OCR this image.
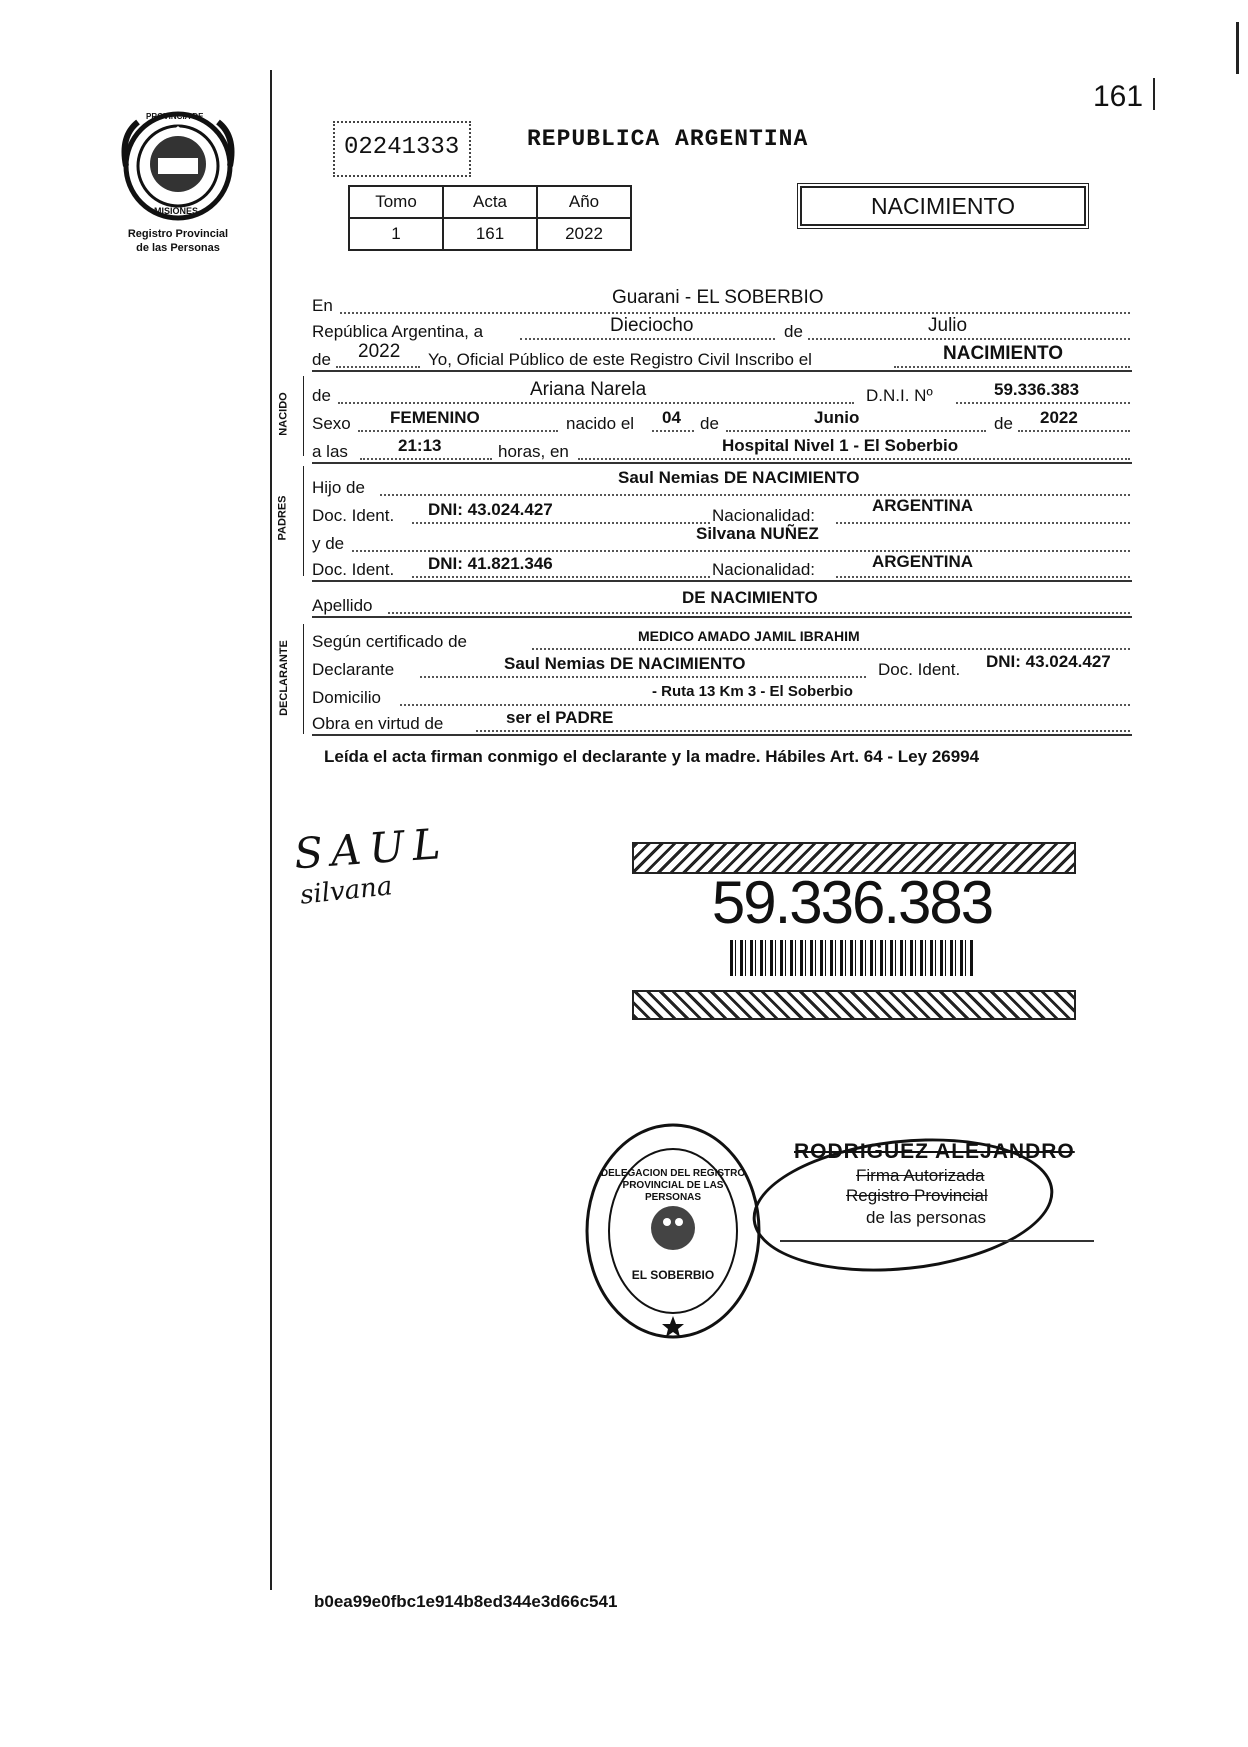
161
PROVINCIA DE
MISIONES
Registro Provincial
de las Personas
02241333	REPUBLICA ARGENTINA
Tomo	Acta	Año
1	161	2022
NACIMIENTO
En	Guarani - EL SOBERBIO
República Argentina, a	Dieciocho	de	Julio
de 2022 Yo, Oficial Público de este Registro Civil Inscribo el	NACIMIENTO
NACIDO de	Ariana Narela	D.N.I. Nº	59.336.383
Sexo FEMENINO	nacido el 04 de	Junio	de 2022
a las	21:13	horas, en	Hospital Nivel 1 - El Soberbio
PADRES
Hijo de
Saul Nemias DE NACIMIENTO
Doc. Ident. DNI: 43.024.427	Nacionalidad:
ARGENTINA
y de
Silvana NUÑEZ
Doc. Ident. DNI: 41.821.346	Nacionalidad:	ARGENTINA
Apellido	DE NACIMIENTO
DECLARANTE Según certificado de	MEDICO AMADO JAMIL IBRAHIM
Declarante	Saul Nemias DE NACIMIENTO	Doc. Ident. DNI: 43.024.427
Domicilio	- Ruta 13 Km 3 - El Soberbio
Obra en virtud de	ser el PADRE
Leída el acta firman conmigo el declarante y la madre. Hábiles Art. 64 - Ley 26994
SAUL
silvana	59.336.383
DELEGACION DEL REGISTRO PROVINCIAL DE LAS PERSONAS
EL SOBERBIO
RODRIGUEZ ALEJANDRO
Firma Autorizada
Registro Provincial
de las personas
b0ea99e0fbc1e914b8ed344e3d66c541
